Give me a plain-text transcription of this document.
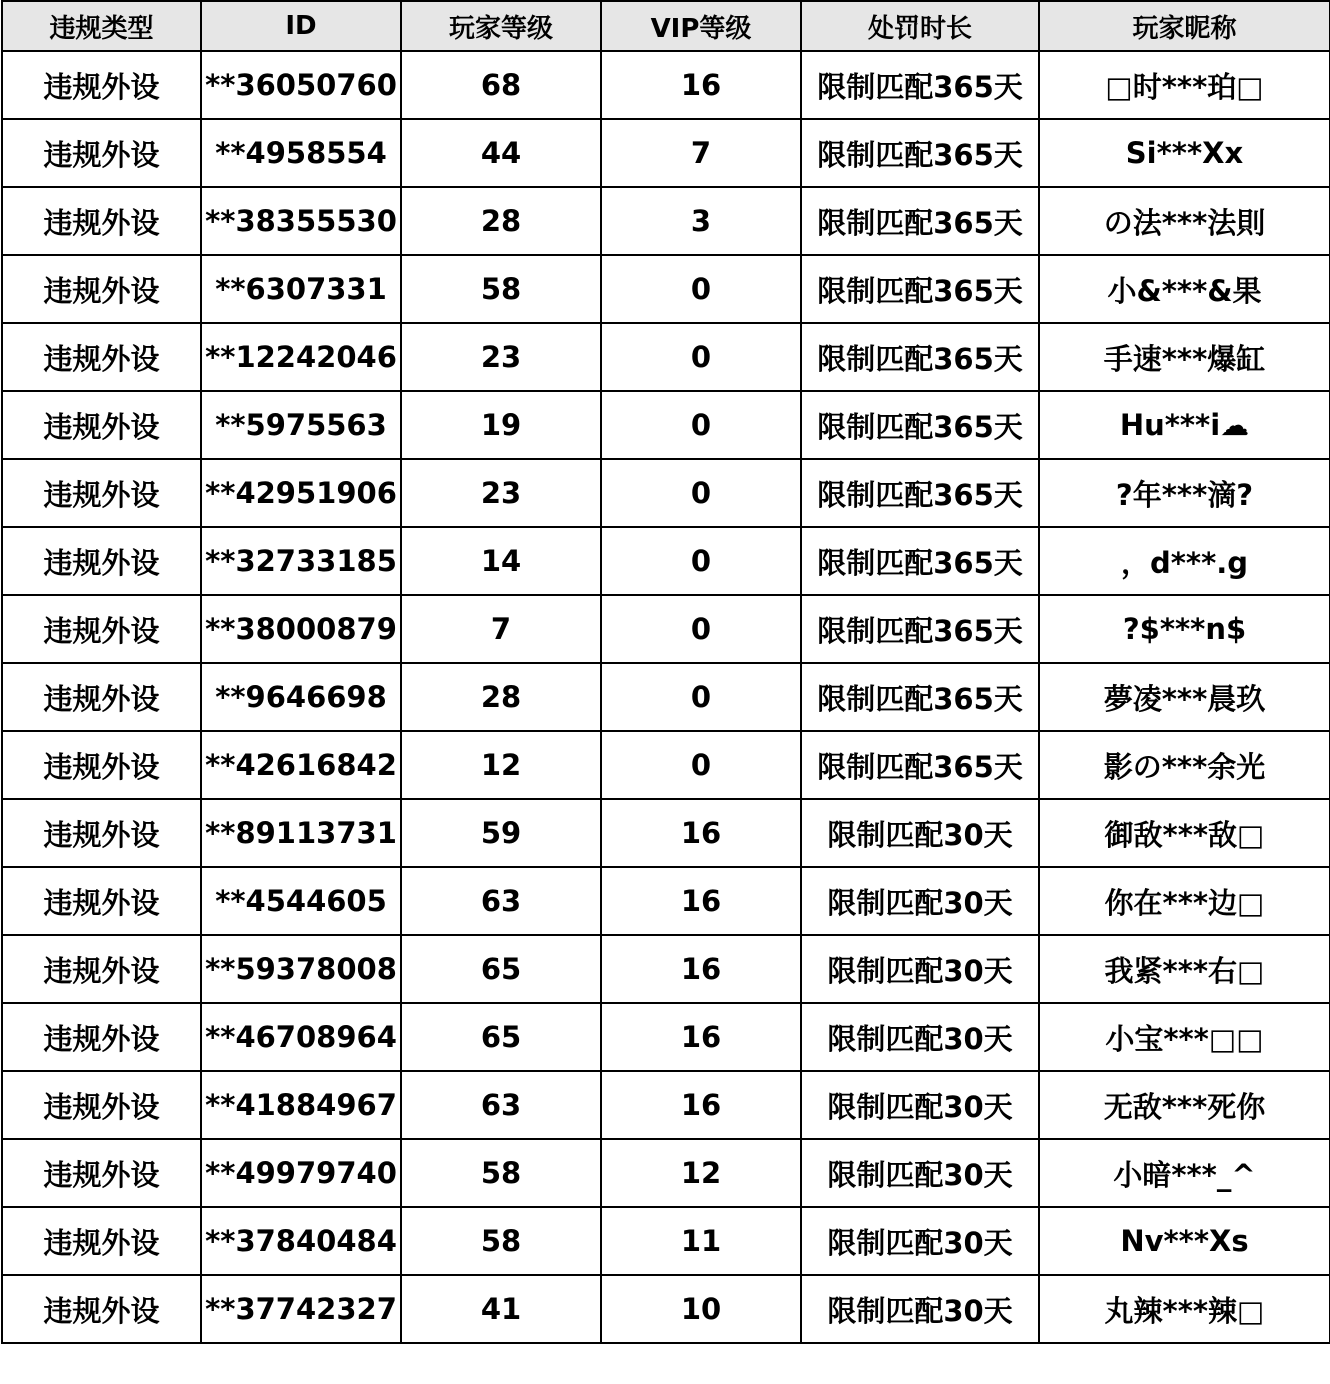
违规类型	ID	玩家等级	VIP等级	处罚时长	玩家昵称
违规外设	**36050760	68	16	限制匹配365天	□时***珀□
违规外设	**4958554	44	7	限制匹配365天	Si***Xx
违规外设	**38355530	28	3	限制匹配365天	の法***法則
违规外设	**6307331	58	0	限制匹配365天	小&***&果
违规外设	**12242046	23	0	限制匹配365天	手速***爆缸
违规外设	**5975563	19	0	限制匹配365天	Hu***i☁
违规外设	**42951906	23	0	限制匹配365天	?年***滴?
违规外设	**32733185	14	0	限制匹配365天	，d***.g
违规外设	**38000879	7	0	限制匹配365天	?$***n$
违规外设	**9646698	28	0	限制匹配365天	夢凌***晨玖
违规外设	**42616842	12	0	限制匹配365天	影の***余光
违规外设	**89113731	59	16	限制匹配30天	御敌***敌□
违规外设	**4544605	63	16	限制匹配30天	你在***边□
违规外设	**59378008	65	16	限制匹配30天	我紧***右□
违规外设	**46708964	65	16	限制匹配30天	小宝***□□
违规外设	**41884967	63	16	限制匹配30天	无敌***死你
违规外设	**49979740	58	12	限制匹配30天	小暗***_^
违规外设	**37840484	58	11	限制匹配30天	Nv***Xs
违规外设	**37742327	41	10	限制匹配30天	丸辣***辣□
